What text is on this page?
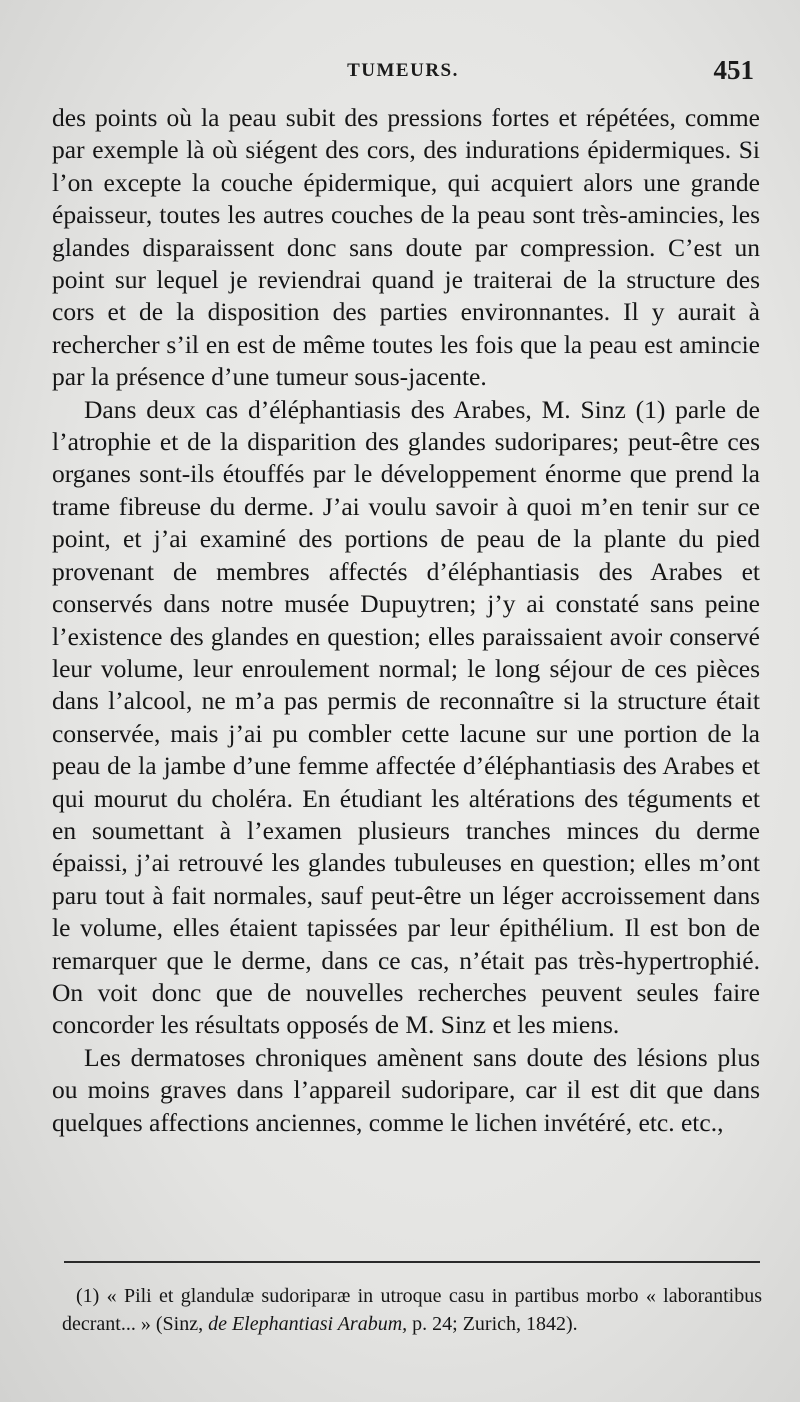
TUMEURS.	451

des points où la peau subit des pressions fortes et répétées, comme par exemple là où siégent des cors, des indurations épidermiques. Si l’on excepte la couche épidermique, qui acquiert alors une grande épaisseur, toutes les autres couches de la peau sont très-amincies, les glandes disparaissent donc sans doute par compression. C’est un point sur lequel je reviendrai quand je traiterai de la structure des cors et de la disposition des parties environnantes. Il y aurait à rechercher s’il en est de même toutes les fois que la peau est amincie par la présence d’une tumeur sous-jacente.

Dans deux cas d’éléphantiasis des Arabes, M. Sinz (1) parle de l’atrophie et de la disparition des glandes sudoripares; peut-être ces organes sont-ils étouffés par le développement énorme que prend la trame fibreuse du derme. J’ai voulu savoir à quoi m’en tenir sur ce point, et j’ai examiné des portions de peau de la plante du pied provenant de membres affectés d’éléphantiasis des Arabes et conservés dans notre musée Dupuytren; j’y ai constaté sans peine l’existence des glandes en question; elles paraissaient avoir conservé leur volume, leur enroulement normal; le long séjour de ces pièces dans l’alcool, ne m’a pas permis de reconnaître si la structure était conservée, mais j’ai pu combler cette lacune sur une portion de la peau de la jambe d’une femme affectée d’éléphantiasis des Arabes et qui mourut du choléra. En étudiant les altérations des téguments et en soumettant à l’examen plusieurs tranches minces du derme épaissi, j’ai retrouvé les glandes tubuleuses en question; elles m’ont paru tout à fait normales, sauf peut-être un léger accroissement dans le volume, elles étaient tapissées par leur épithélium. Il est bon de remarquer que le derme, dans ce cas, n’était pas très-hypertrophié. On voit donc que de nouvelles recherches peuvent seules faire concorder les résultats opposés de M. Sinz et les miens.

Les dermatoses chroniques amènent sans doute des lésions plus ou moins graves dans l’appareil sudoripare, car il est dit que dans quelques affections anciennes, comme le lichen invétéré, etc. etc.,

(1) « Pili et glandulæ sudoriparæ in utroque casu in partibus morbo « laborantibus decrant... » (Sinz, de Elephantiasi Arabum, p. 24; Zurich, 1842).
